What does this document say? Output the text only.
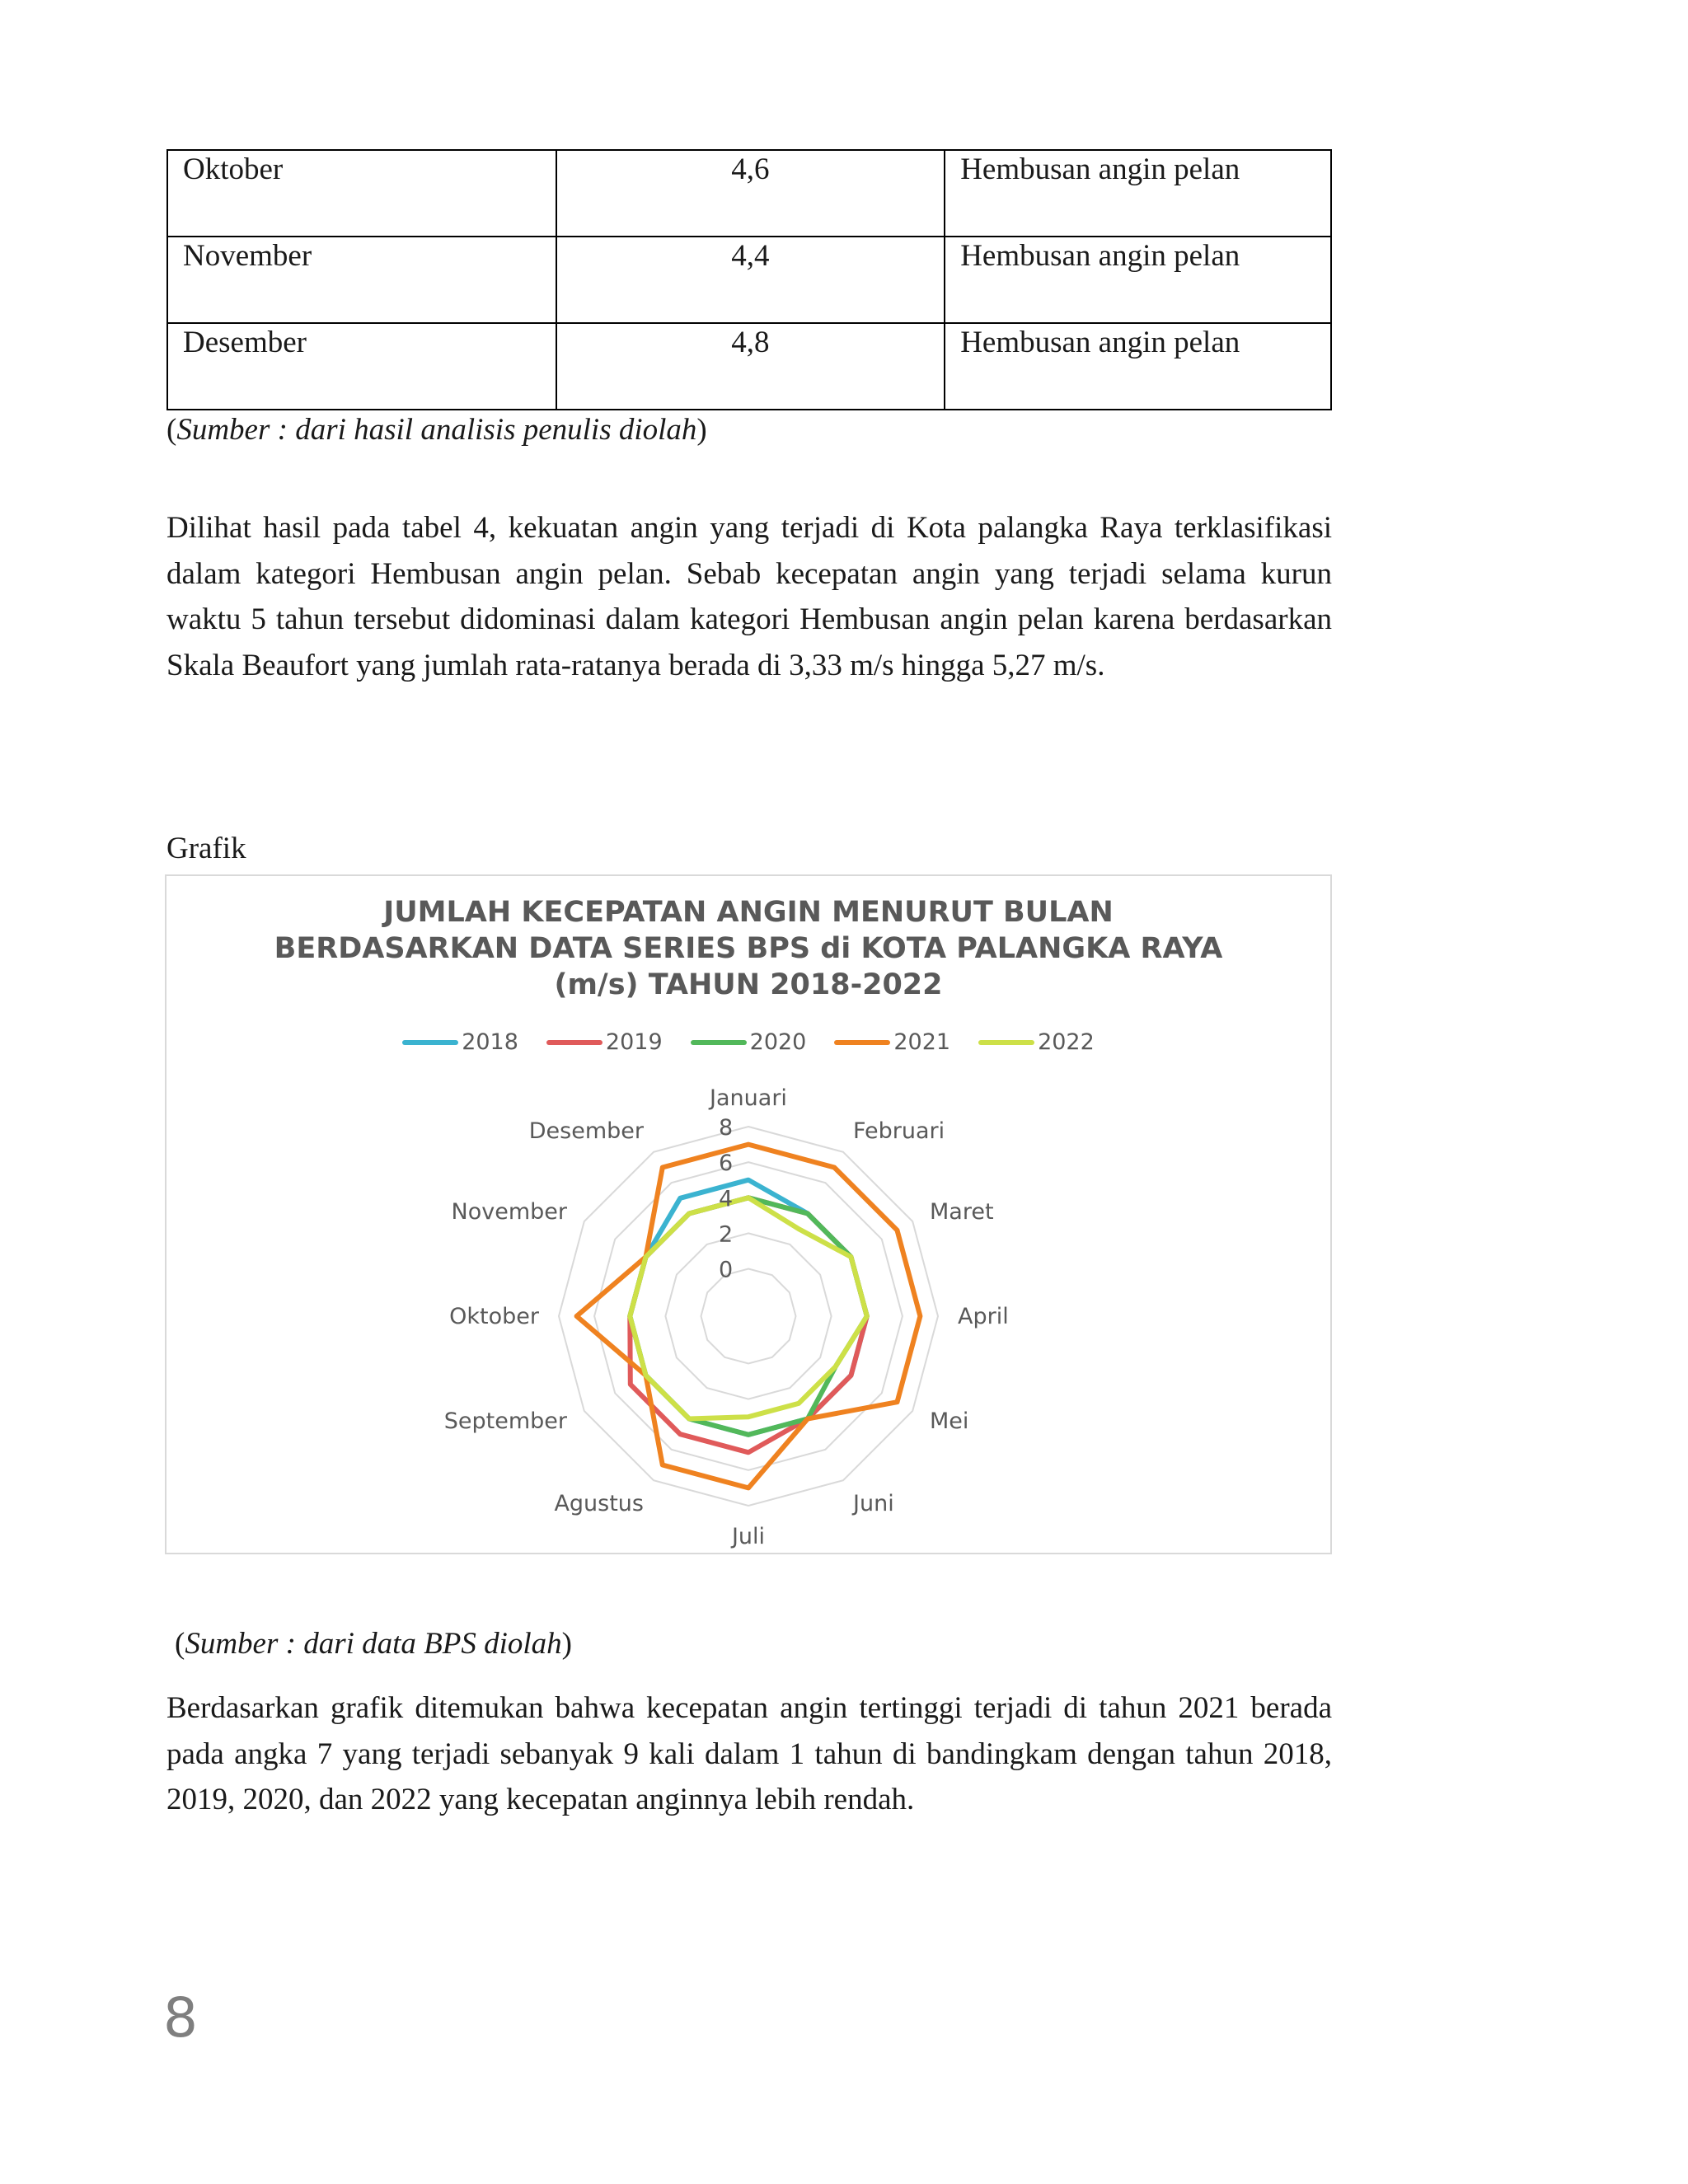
Oktober	4,6	Hembusan angin pelan
November	4,4	Hembusan angin pelan
Desember	4,8	Hembusan angin pelan
(Sumber : dari hasil analisis penulis diolah)

Dilihat hasil pada tabel 4, kekuatan angin yang terjadi di Kota palangka Raya terklasifikasi dalam kategori Hembusan angin pelan. Sebab kecepatan angin yang terjadi selama kurun waktu 5 tahun tersebut didominasi dalam kategori Hembusan angin pelan karena berdasarkan Skala Beaufort yang jumlah rata-ratanya berada di 3,33 m/s hingga 5,27 m/s.

Grafik
JUMLAH KECEPATAN ANGIN MENURUT BULAN
BERDASARKAN DATA SERIES BPS di KOTA PALANGKA RAYA
(m/s) TAHUN 2018-2022
2018	2019	2020	2021	2022
0
2
4
6
8
Januari
Februari
Maret
April
Mei
Juni
Juli
Agustus
September
Oktober
November
Desember
(Sumber : dari data BPS diolah)

Berdasarkan grafik ditemukan bahwa kecepatan angin tertinggi terjadi di tahun 2021 berada pada angka 7 yang terjadi sebanyak 9 kali dalam 1 tahun di bandingkam dengan tahun 2018, 2019, 2020, dan 2022 yang kecepatan anginnya lebih rendah.

8
